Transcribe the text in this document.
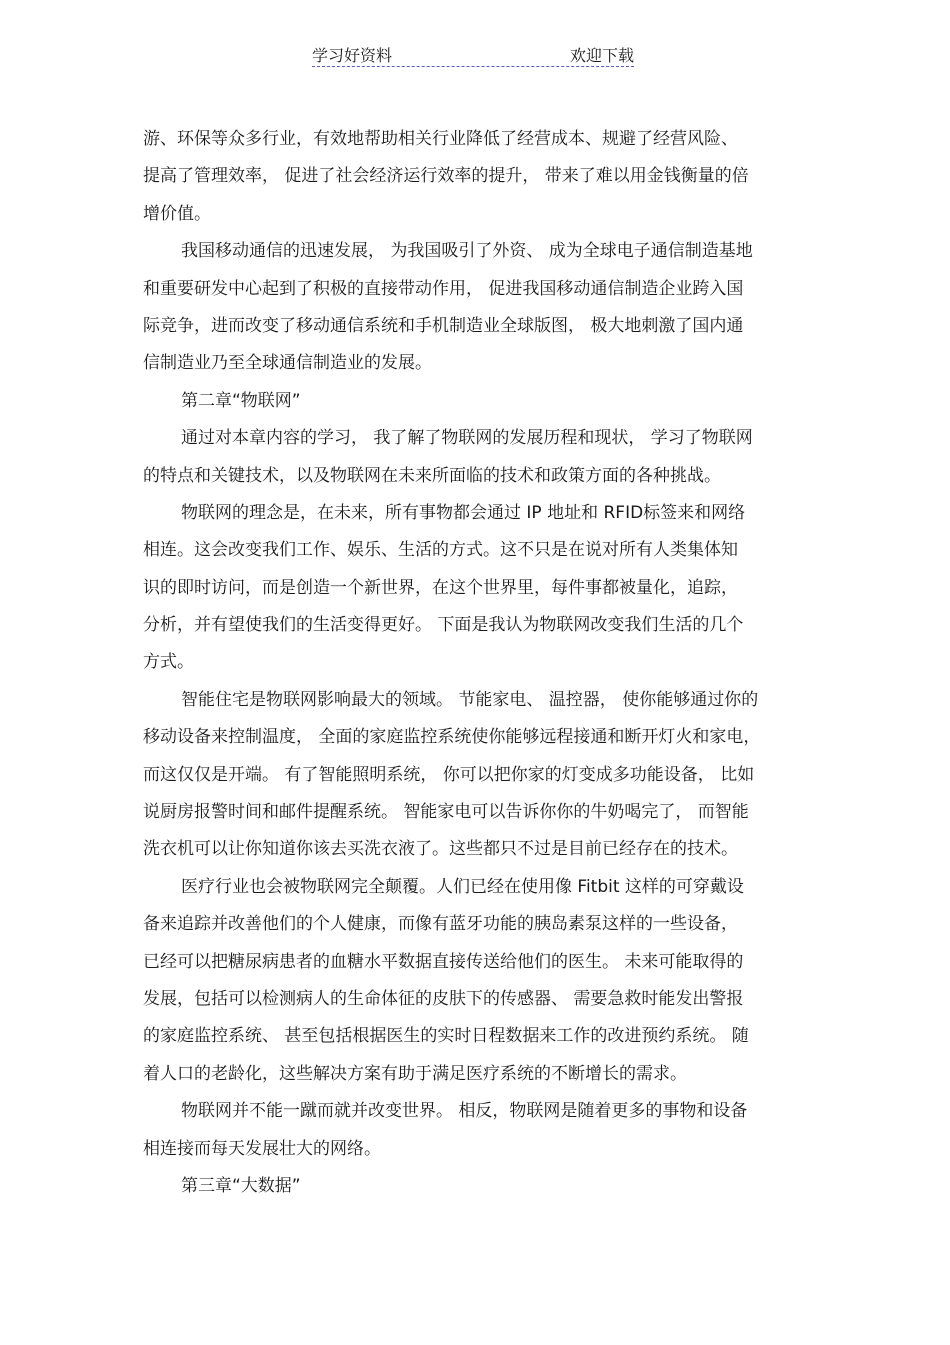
学习好资料	欢迎下载
游、环保等众多行业，有效地帮助相关行业降低了经营成本、规避了经营风险、
提高了管理效率， 促进了社会经济运行效率的提升， 带来了难以用金钱衡量的倍
增价值。
我国移动通信的迅速发展， 为我国吸引了外资、 成为全球电子通信制造基地
和重要研发中心起到了积极的直接带动作用， 促进我国移动通信制造企业跨入国
际竞争，进而改变了移动通信系统和手机制造业全球版图， 极大地刺激了国内通
信制造业乃至全球通信制造业的发展。
第二章“物联网”
通过对本章内容的学习， 我了解了物联网的发展历程和现状， 学习了物联网
的特点和关键技术，以及物联网在未来所面临的技术和政策方面的各种挑战。
物联网的理念是，在未来，所有事物都会通过 IP 地址和 RFID标签来和网络
相连。这会改变我们工作、娱乐、生活的方式。这不只是在说对所有人类集体知
识的即时访问，而是创造一个新世界，在这个世界里，每件事都被量化，追踪，
分析，并有望使我们的生活变得更好。 下面是我认为物联网改变我们生活的几个
方式。
智能住宅是物联网影响最大的领域。 节能家电、 温控器， 使你能够通过你的
移动设备来控制温度， 全面的家庭监控系统使你能够远程接通和断开灯火和家电，
而这仅仅是开端。 有了智能照明系统， 你可以把你家的灯变成多功能设备， 比如
说厨房报警时间和邮件提醒系统。 智能家电可以告诉你你的牛奶喝完了， 而智能
洗衣机可以让你知道你该去买洗衣液了。这些都只不过是目前已经存在的技术。
医疗行业也会被物联网完全颠覆。人们已经在使用像 Fitbit 这样的可穿戴设
备来追踪并改善他们的个人健康，而像有蓝牙功能的胰岛素泵这样的一些设备，
已经可以把糖尿病患者的血糖水平数据直接传送给他们的医生。 未来可能取得的
发展，包括可以检测病人的生命体征的皮肤下的传感器、 需要急救时能发出警报
的家庭监控系统、 甚至包括根据医生的实时日程数据来工作的改进预约系统。 随
着人口的老龄化，这些解决方案有助于满足医疗系统的不断增长的需求。
物联网并不能一蹴而就并改变世界。 相反，物联网是随着更多的事物和设备
相连接而每天发展壮大的网络。
第三章“大数据”
